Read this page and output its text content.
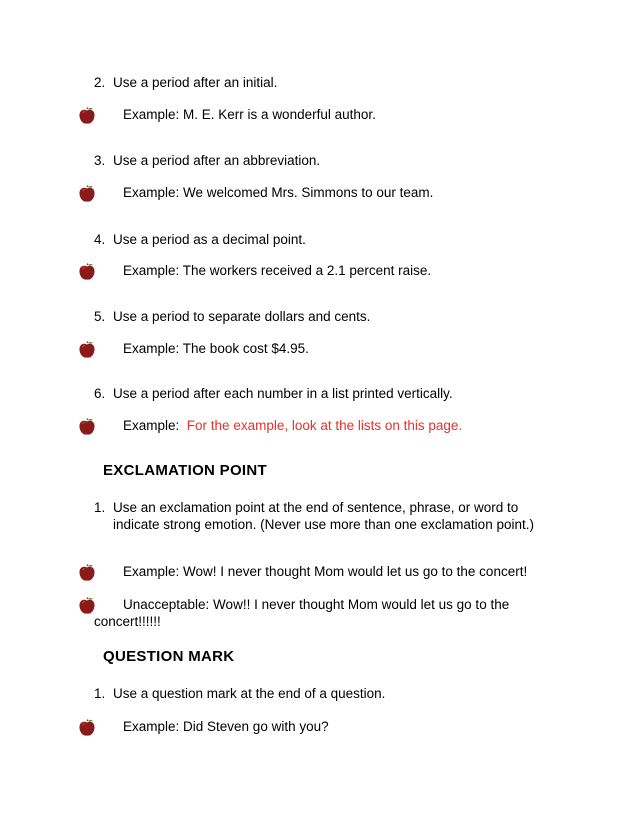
2. Use a period after an initial.
Example: M. E. Kerr is a wonderful author.
3. Use a period after an abbreviation.
Example: We welcomed Mrs. Simmons to our team.
4. Use a period as a decimal point.
Example: The workers received a 2.1 percent raise.
5. Use a period to separate dollars and cents.
Example: The book cost $4.95.
6. Use a period after each number in a list printed vertically.
Example: For the example, look at the lists on this page.
EXCLAMATION POINT
1. Use an exclamation point at the end of sentence, phrase, or word to indicate strong emotion. (Never use more than one exclamation point.)
Example: Wow! I never thought Mom would let us go to the concert!
Unacceptable: Wow!! I never thought Mom would let us go to the
concert!!!!!!
QUESTION MARK
1. Use a question mark at the end of a question.
Example: Did Steven go with you?
